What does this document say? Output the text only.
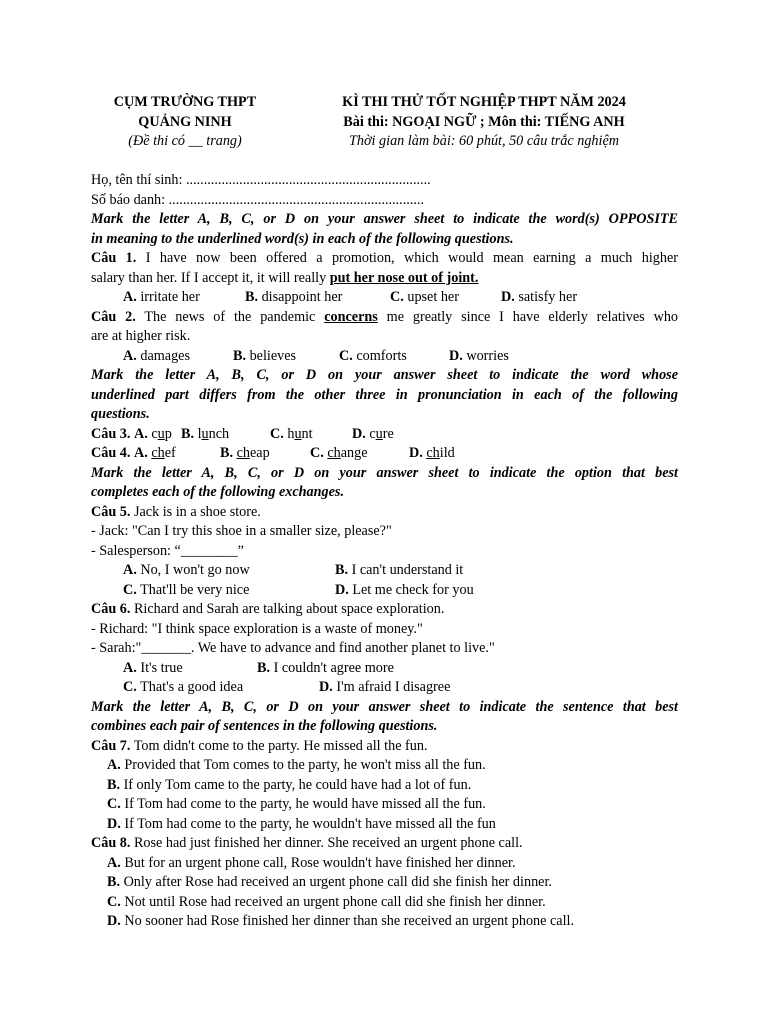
CỤM TRƯỜNG THPT
QUẢNG NINH
(Đề thi có __ trang)
KÌ THI THỬ TỐT NGHIỆP THPT NĂM 2024
Bài thi: NGOẠI NGỮ ; Môn thi: TIẾNG ANH
Thời gian làm bài: 60 phút, 50 câu trắc nghiệm
Họ, tên thí sinh: .....................................................................
Số báo danh: ........................................................................
Mark the letter A, B, C, or D on your answer sheet to indicate the word(s) OPPOSITE
in meaning to the underlined word(s) in each of the following questions.
Câu 1. I have now been offered a promotion, which would mean earning a much higher
salary than her. If I accept it, it will really put her nose out of joint.
A. irritate her	B. disappoint her	C. upset her	D. satisfy her
Câu 2. The news of the pandemic concerns me greatly since I have elderly relatives who
are at higher risk.
A. damages	B. believes	C. comforts	D. worries
Mark the letter A, B, C, or D on your answer sheet to indicate the word whose
underlined part differs from the other three in pronunciation in each of the following
questions.
Câu 3. A. cup B. lunch	C. hunt	D. cure
Câu 4. A. chef	B. cheap	C. change	D. child
Mark the letter A, B, C, or D on your answer sheet to indicate the option that best
completes each of the following exchanges.
Câu 5. Jack is in a shoe store.
- Jack: "Can I try this shoe in a smaller size, please?"
- Salesperson: “________”
A. No, I won't go now	B. I can't understand it
C. That'll be very nice	D. Let me check for you
Câu 6. Richard and Sarah are talking about space exploration.
- Richard: "I think space exploration is a waste of money."
- Sarah:"_______. We have to advance and find another planet to live."
A. It's true	B. I couldn't agree more
C. That's a good idea	D. I'm afraid I disagree
Mark the letter A, B, C, or D on your answer sheet to indicate the sentence that best
combines each pair of sentences in the following questions.
Câu 7. Tom didn't come to the party. He missed all the fun.
A. Provided that Tom comes to the party, he won't miss all the fun.
B. If only Tom came to the party, he could have had a lot of fun.
C. If Tom had come to the party, he would have missed all the fun.
D. If Tom had come to the party, he wouldn't have missed all the fun
Câu 8. Rose had just finished her dinner. She received an urgent phone call.
A. But for an urgent phone call, Rose wouldn't have finished her dinner.
B. Only after Rose had received an urgent phone call did she finish her dinner.
C. Not until Rose had received an urgent phone call did she finish her dinner.
D. No sooner had Rose finished her dinner than she received an urgent phone call.
